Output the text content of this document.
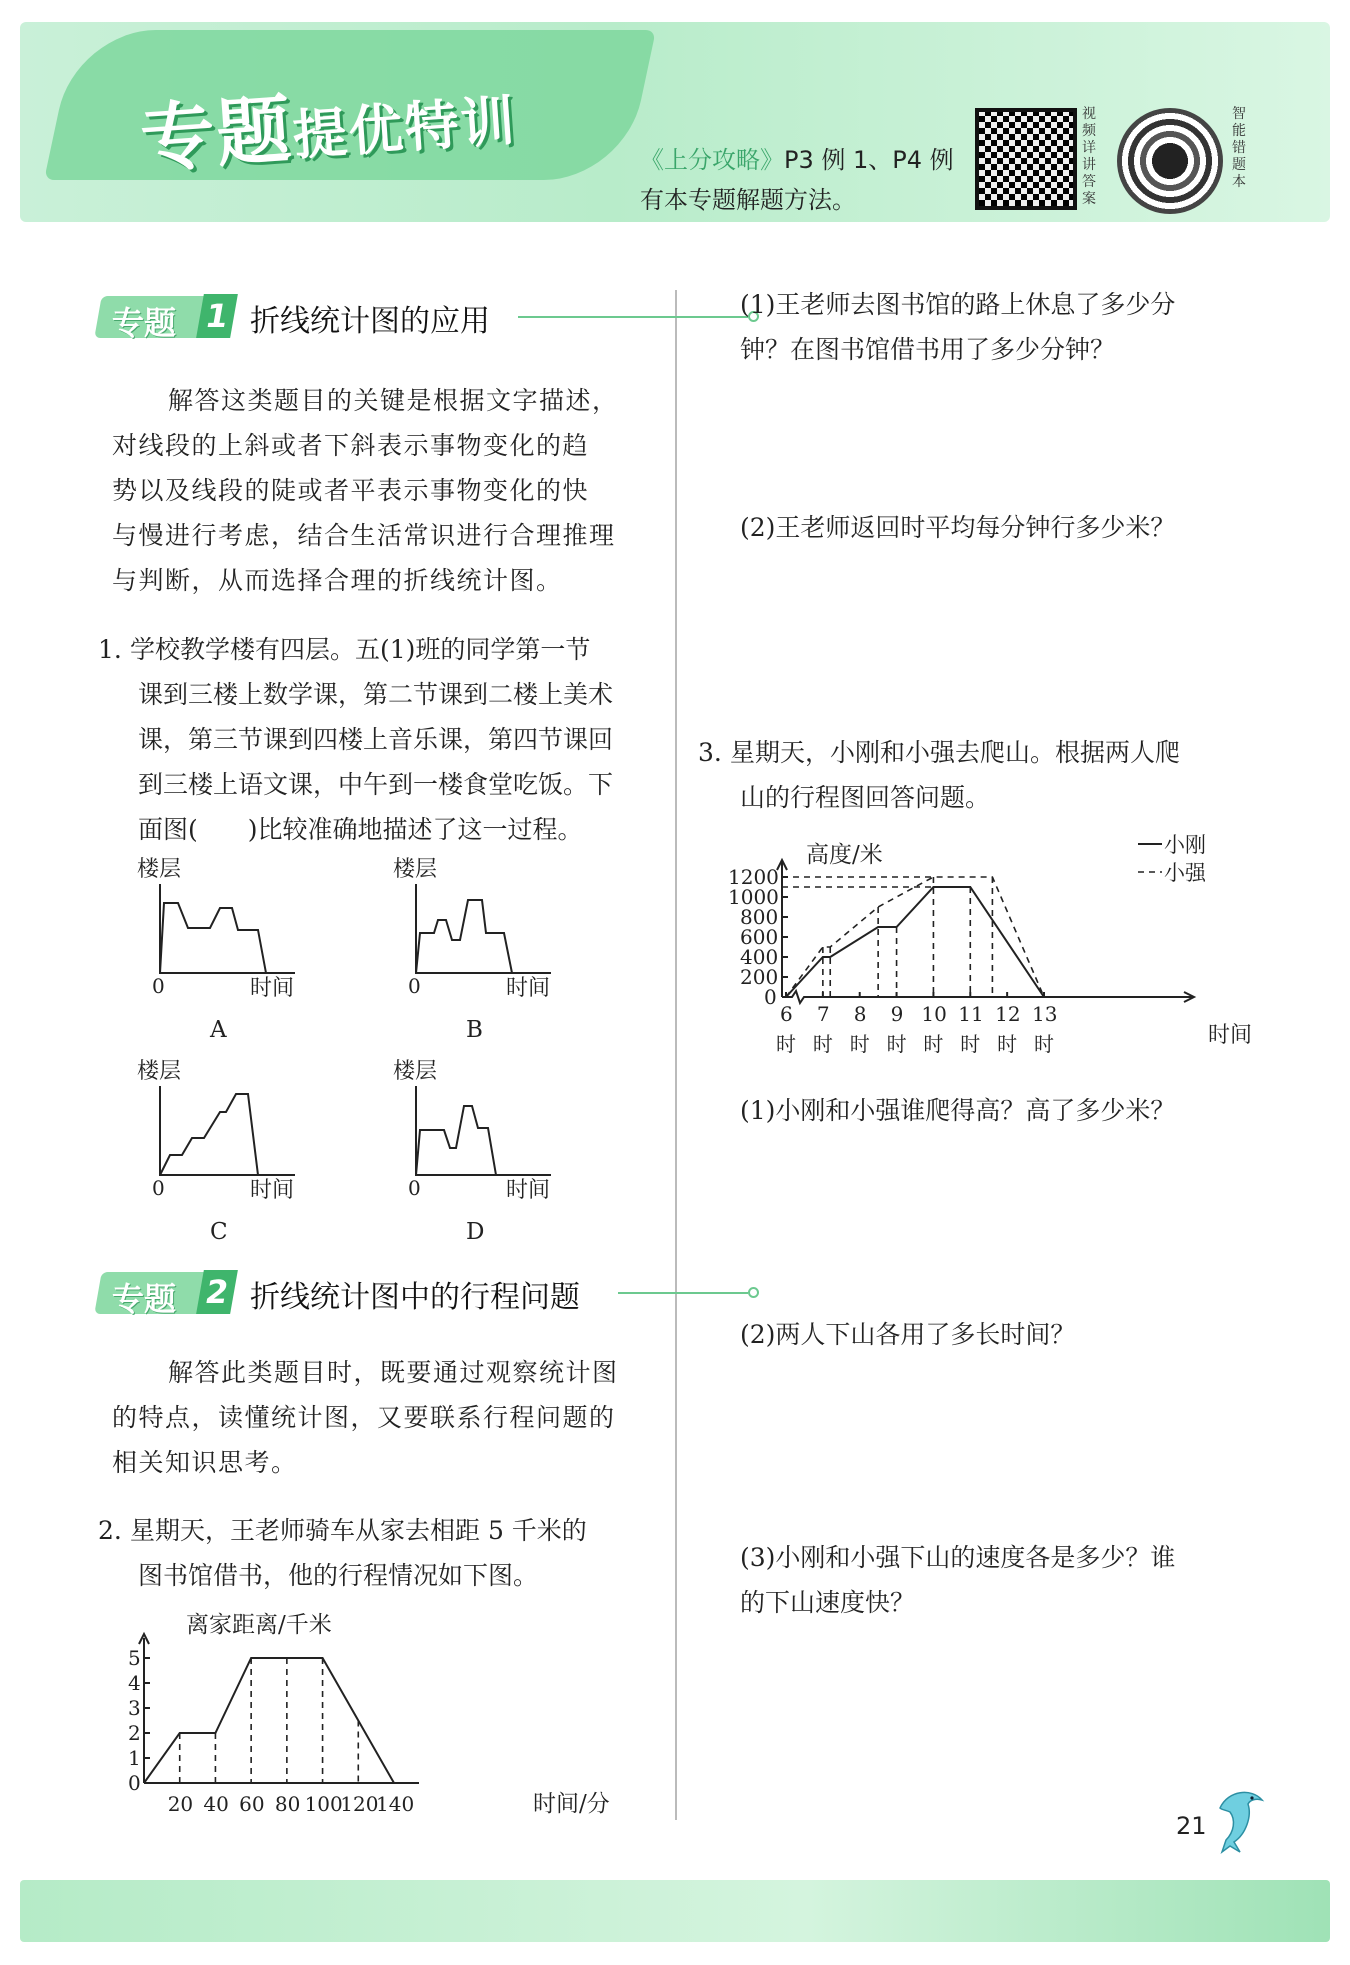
专题提优特训	《上分攻略》P3 例 1、P4 例
有本专题解题方法。
视频详讲答案
智能错题本
专题 1 折线统计图的应用
解答这类题目的关键是根据文字描述，
对线段的上斜或者下斜表示事物变化的趋
势以及线段的陡或者平表示事物变化的快
与慢进行考虑，结合生活常识进行合理推理
与判断，从而选择合理的折线统计图。
1. 学校教学楼有四层。五(1)班的同学第一节
课到三楼上数学课，第二节课到二楼上美术
课，第三节课到四楼上音乐课，第四节课回
到三楼上语文课，中午到一楼食堂吃饭。下
面图(　　)比较准确地描述了这一过程。
楼层
0	时间
A
楼层
0	时间
B
楼层
0	时间
C
楼层
0	时间
D
专题 2 折线统计图中的行程问题
解答此类题目时，既要通过观察统计图
的特点，读懂统计图，又要联系行程问题的
相关知识思考。
2. 星期天，王老师骑车从家去相距 5 千米的
图书馆借书，他的行程情况如下图。
离家距离/千米
时间/分
0
1
2
3
4
5
20 40 60 80 100
120
140
(1)王老师去图书馆的路上休息了多少分
钟？在图书馆借书用了多少分钟？
(2)王老师返回时平均每分钟行多少米？
3. 星期天，小刚和小强去爬山。根据两人爬
山的行程图回答问题。
高度/米	小刚
小强
时间
0
200
400
600
800
1000
1200
6
时
7
时
8
时
9
时
10
时
11
时
12
时
13
时
(1)小刚和小强谁爬得高？高了多少米？
(2)两人下山各用了多长时间？
(3)小刚和小强下山的速度各是多少？谁
的下山速度快？
21
